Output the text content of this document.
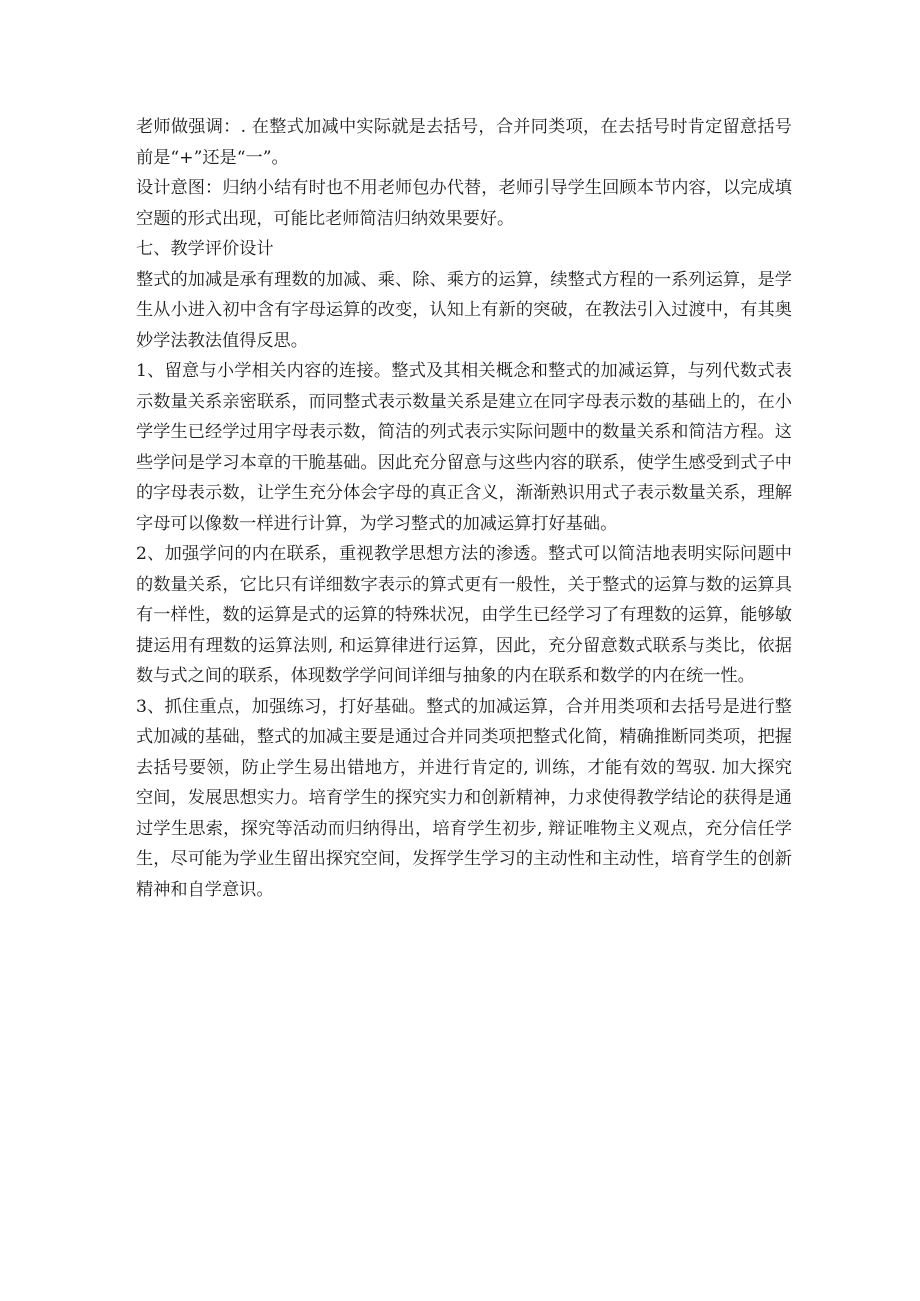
老师做强调：. 在整式加减中实际就是去括号，合并同类项，在去括号时肯定留意括号前是“+”还是“一”。

设计意图：归纳小结有时也不用老师包办代替，老师引导学生回顾本节内容，以完成填空题的形式出现，可能比老师简洁归纳效果要好。

七、教学评价设计

整式的加减是承有理数的加减、乘、除、乘方的运算，续整式方程的一系列运算，是学生从小进入初中含有字母运算的改变，认知上有新的突破，在教法引入过渡中，有其奥妙学法教法值得反思。

1、留意与小学相关内容的连接。整式及其相关概念和整式的加减运算，与列代数式表示数量关系亲密联系，而同整式表示数量关系是建立在同字母表示数的基础上的，在小学学生已经学过用字母表示数，简洁的列式表示实际问题中的数量关系和简洁方程。这些学问是学习本章的干脆基础。因此充分留意与这些内容的联系，使学生感受到式子中的字母表示数，让学生充分体会字母的真正含义，渐渐熟识用式子表示数量关系，理解字母可以像数一样进行计算，为学习整式的加减运算打好基础。

2、加强学问的内在联系，重视教学思想方法的渗透。整式可以简洁地表明实际问题中的数量关系，它比只有详细数字表示的算式更有一般性，关于整式的运算与数的运算具有一样性，数的运算是式的运算的特殊状况，由学生已经学习了有理数的运算，能够敏捷运用有理数的运算法则, 和运算律进行运算，因此，充分留意数式联系与类比，依据数与式之间的联系，体现数学学问间详细与抽象的内在联系和数学的内在统一性。

3、抓住重点，加强练习，打好基础。整式的加减运算，合并用类项和去括号是进行整式加减的基础，整式的加减主要是通过合并同类项把整式化简，精确推断同类项，把握去括号要领，防止学生易出错地方，并进行肯定的, 训练，才能有效的驾驭. 加大探究空间，发展思想实力。培育学生的探究实力和创新精神，力求使得教学结论的获得是通过学生思索，探究等活动而归纳得出，培育学生初步, 辩证唯物主义观点，充分信任学生，尽可能为学业生留出探究空间，发挥学生学习的主动性和主动性，培育学生的创新精神和自学意识。
